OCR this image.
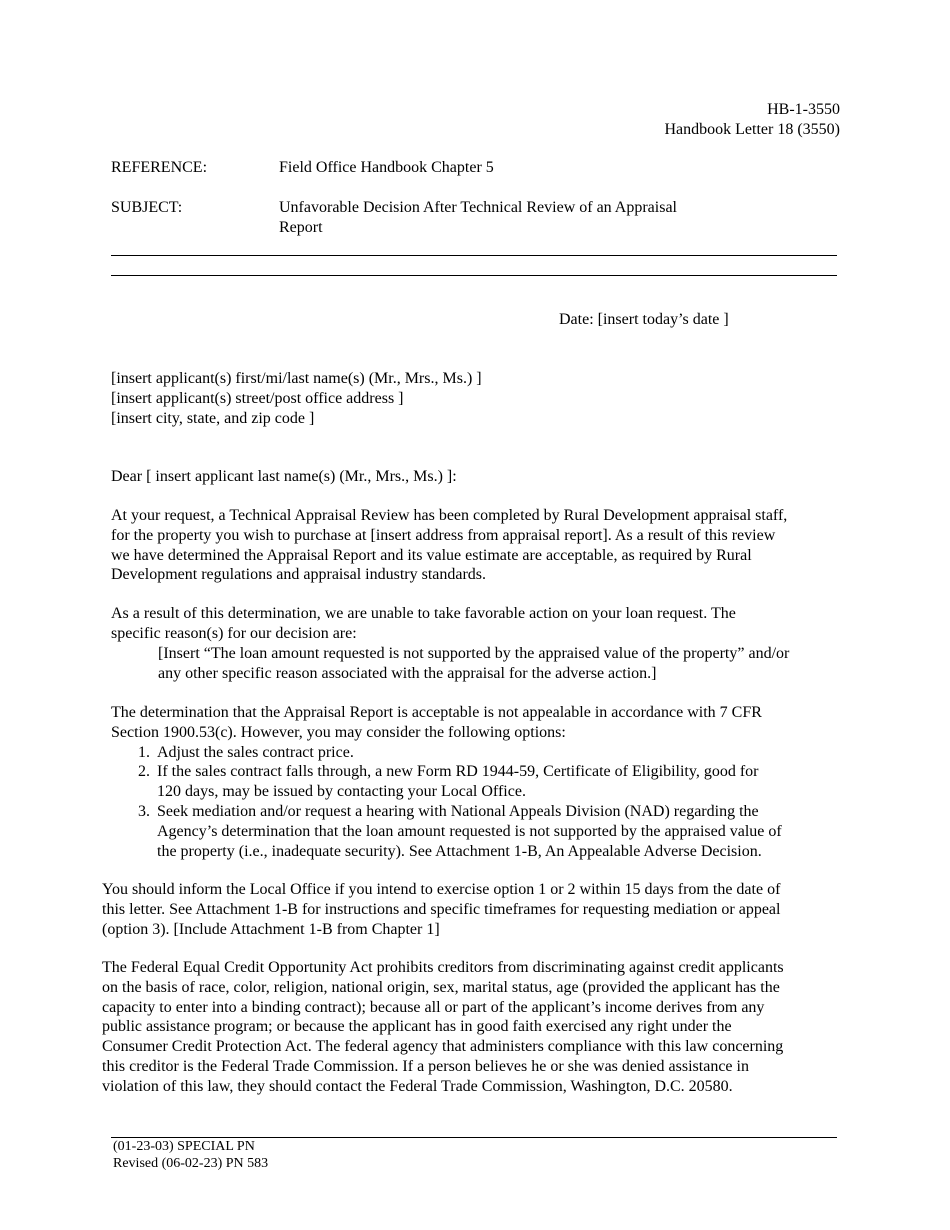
HB-1-3550
Handbook Letter 18 (3550)
REFERENCE:	Field Office Handbook Chapter 5
SUBJECT:	Unfavorable Decision After Technical Review of an Appraisal
Report
Date: [insert today’s date ]
[insert applicant(s) first/mi/last name(s) (Mr., Mrs., Ms.) ]
[insert applicant(s) street/post office address ]
[insert city, state, and zip code ]
Dear [ insert applicant last name(s) (Mr., Mrs., Ms.) ]:
At your request, a Technical Appraisal Review has been completed by Rural Development appraisal staff,
for the property you wish to purchase at [insert address from appraisal report]. As a result of this review
we have determined the Appraisal Report and its value estimate are acceptable, as required by Rural
Development regulations and appraisal industry standards.
As a result of this determination, we are unable to take favorable action on your loan request. The
specific reason(s) for our decision are:
[Insert “The loan amount requested is not supported by the appraised value of the property” and/or
any other specific reason associated with the appraisal for the adverse action.]
The determination that the Appraisal Report is acceptable is not appealable in accordance with 7 CFR
Section 1900.53(c). However, you may consider the following options:
1. Adjust the sales contract price.
2. If the sales contract falls through, a new Form RD 1944-59, Certificate of Eligibility, good for
120 days, may be issued by contacting your Local Office.
3. Seek mediation and/or request a hearing with National Appeals Division (NAD) regarding the
Agency’s determination that the loan amount requested is not supported by the appraised value of
the property (i.e., inadequate security). See Attachment 1-B, An Appealable Adverse Decision.
You should inform the Local Office if you intend to exercise option 1 or 2 within 15 days from the date of
this letter. See Attachment 1-B for instructions and specific timeframes for requesting mediation or appeal
(option 3). [Include Attachment 1-B from Chapter 1]
The Federal Equal Credit Opportunity Act prohibits creditors from discriminating against credit applicants
on the basis of race, color, religion, national origin, sex, marital status, age (provided the applicant has the
capacity to enter into a binding contract); because all or part of the applicant’s income derives from any
public assistance program; or because the applicant has in good faith exercised any right under the
Consumer Credit Protection Act. The federal agency that administers compliance with this law concerning
this creditor is the Federal Trade Commission. If a person believes he or she was denied assistance in
violation of this law, they should contact the Federal Trade Commission, Washington, D.C. 20580.
(01-23-03) SPECIAL PN
Revised (06-02-23) PN 583
